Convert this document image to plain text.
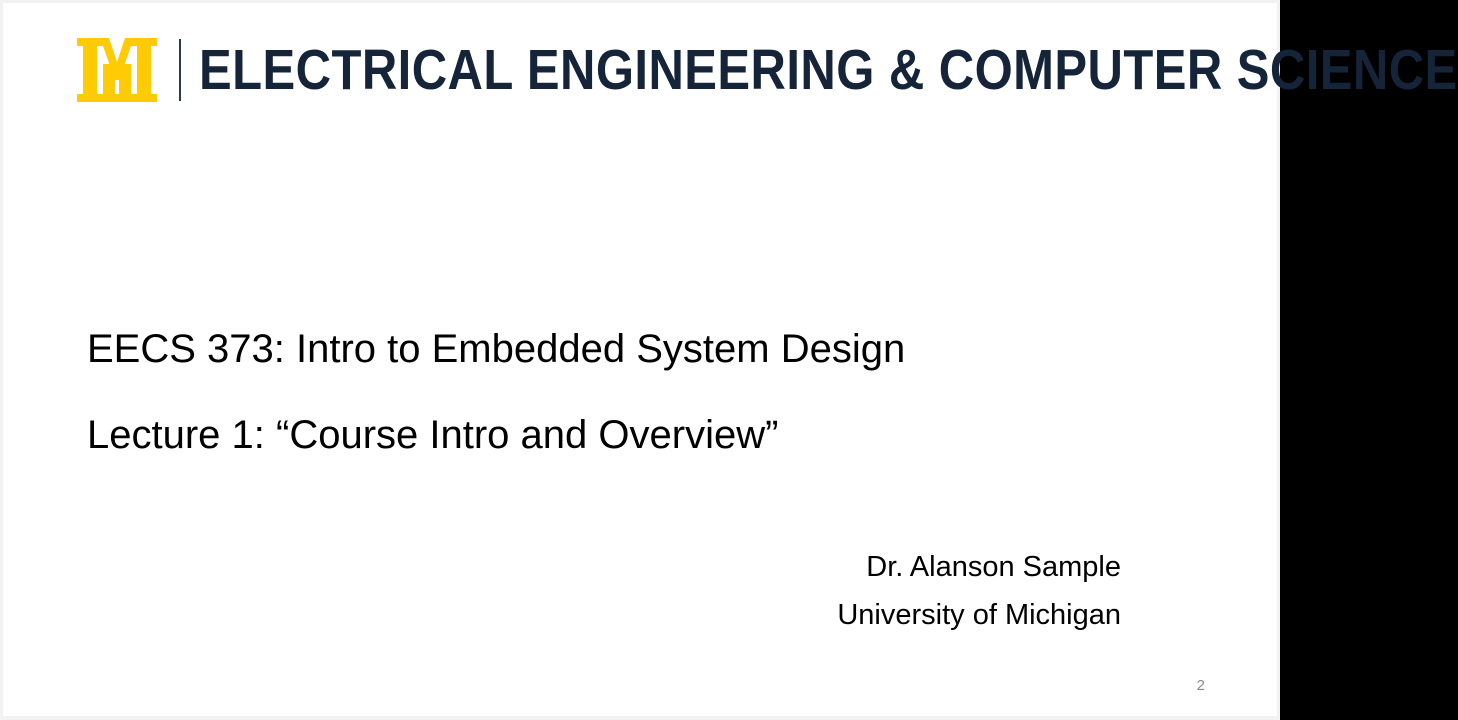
ELECTRICAL ENGINEERING & COMPUTER SCIENCE
EECS 373: Intro to Embedded System Design
Lecture 1: “Course Intro and Overview”
Dr. Alanson Sample
University of Michigan
2
